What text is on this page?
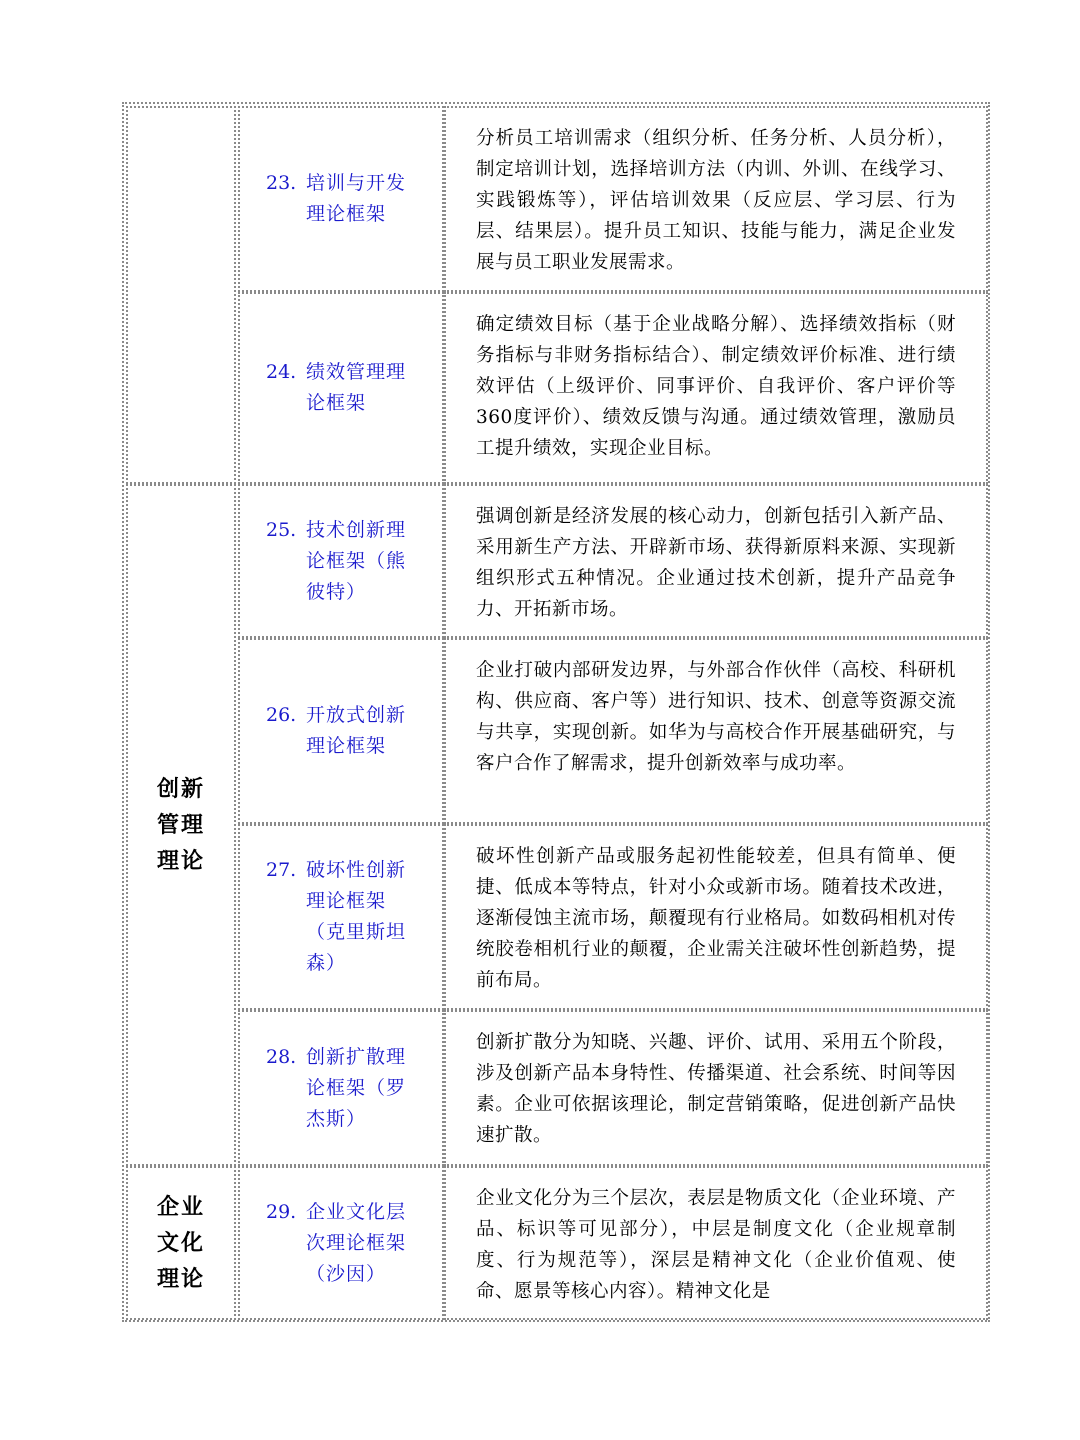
创新管理理论
企业文化理论
23. 培训与开发理论框架
分析员工培训需求（组织分析、任务分析、人员分析），制定培训计划，选择培训方法（内训、外训、在线学习、实践锻炼等），评估培训效果（反应层、学习层、行为层、结果层）。提升员工知识、技能与能力，满足企业发展与员工职业发展需求。
24. 绩效管理理论框架
确定绩效目标（基于企业战略分解）、选择绩效指标（财务指标与非财务指标结合）、制定绩效评价标准、进行绩效评估（上级评价、同事评价、自我评价、客户评价等360度评价）、绩效反馈与沟通。通过绩效管理，激励员工提升绩效，实现企业目标。
25. 技术创新理论框架（熊彼特）
强调创新是经济发展的核心动力，创新包括引入新产品、采用新生产方法、开辟新市场、获得新原料来源、实现新组织形式五种情况。企业通过技术创新，提升产品竞争力、开拓新市场。
26. 开放式创新理论框架
企业打破内部研发边界，与外部合作伙伴（高校、科研机构、供应商、客户等）进行知识、技术、创意等资源交流与共享，实现创新。如华为与高校合作开展基础研究，与客户合作了解需求，提升创新效率与成功率。
27. 破坏性创新理论框架（克里斯坦森）
破坏性创新产品或服务起初性能较差，但具有简单、便捷、低成本等特点，针对小众或新市场。随着技术改进，逐渐侵蚀主流市场，颠覆现有行业格局。如数码相机对传统胶卷相机行业的颠覆，企业需关注破坏性创新趋势，提前布局。
28. 创新扩散理论框架（罗杰斯）
创新扩散分为知晓、兴趣、评价、试用、采用五个阶段，涉及创新产品本身特性、传播渠道、社会系统、时间等因素。企业可依据该理论，制定营销策略，促进创新产品快速扩散。
29. 企业文化层次理论框架（沙因）
企业文化分为三个层次，表层是物质文化（企业环境、产品、标识等可见部分），中层是制度文化（企业规章制度、行为规范等），深层是精神文化（企业价值观、使命、愿景等核心内容）。精神文化是
